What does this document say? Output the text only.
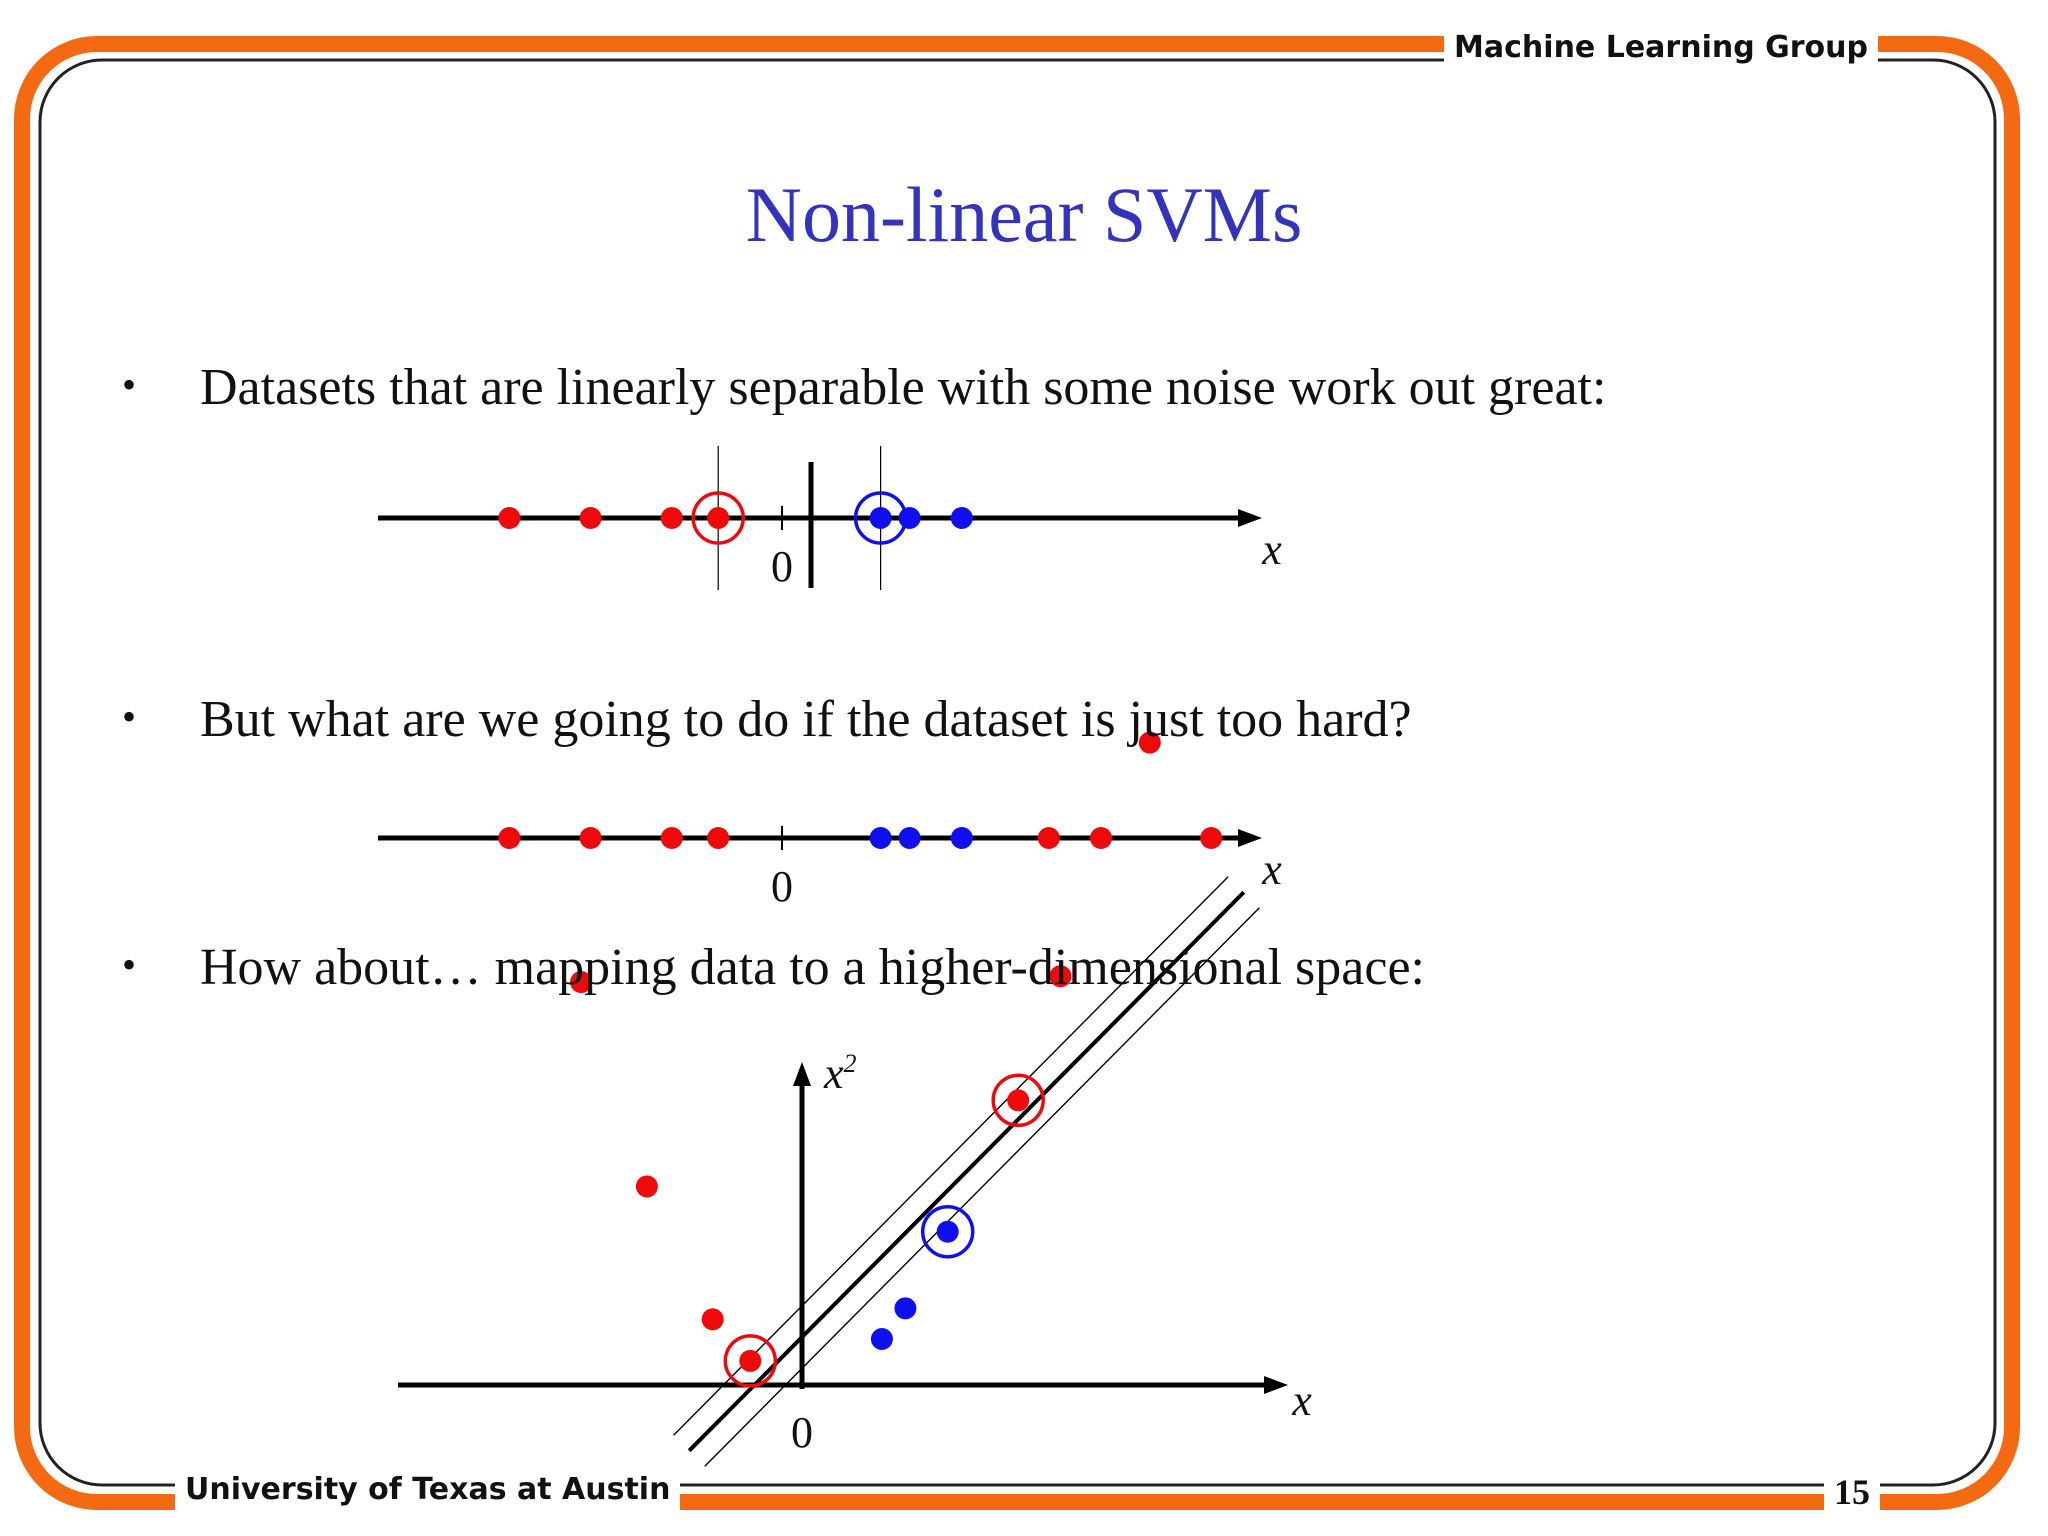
0	x
0	x
0
x
$x^2$
Machine Learning Group
University of Texas at Austin	15
Non-linear SVMs
• Datasets that are linearly separable with some noise work out great:
• But what are we going to do if the dataset is just too hard?
• How about… mapping data to a higher-dimensional space:
